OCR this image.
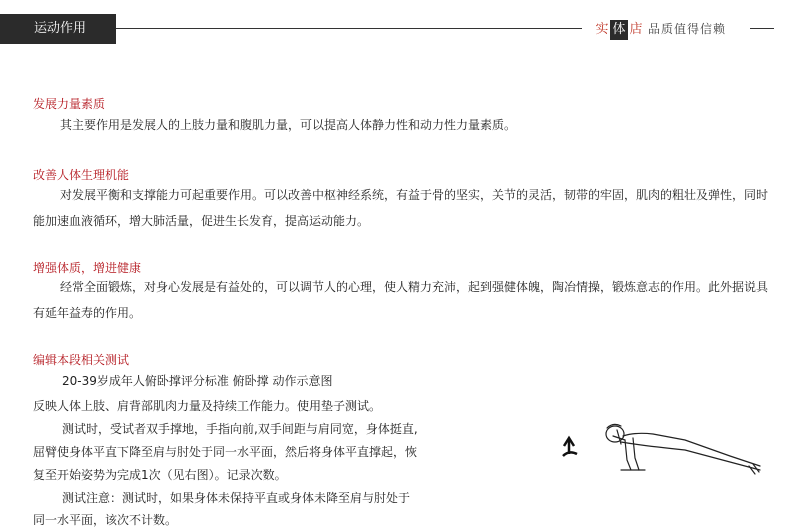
运动作用	实 体 店 品质值得信赖
发展力量素质
其主要作用是发展人的上肢力量和腹肌力量，可以提高人体静力性和动力性力量素质。
改善人体生理机能
对发展平衡和支撑能力可起重要作用。可以改善中枢神经系统，有益于骨的坚实，关节的灵活，韧带的牢固，肌肉的粗壮及弹性，同时能加速血液循环，增大肺活量，促进生长发育，提高运动能力。
增强体质，增进健康
经常全面锻炼，对身心发展是有益处的，可以调节人的心理，使人精力充沛，起到强健体魄，陶冶情操，锻炼意志的作用。此外据说具有延年益寿的作用。
编辑本段相关测试
20-39岁成年人俯卧撑评分标准 俯卧撑 动作示意图
反映人体上肢、肩背部肌肉力量及持续工作能力。使用垫子测试。
测试时，受试者双手撑地，手指向前,双手间距与肩同宽，身体挺直,
屈臂使身体平直下降至肩与肘处于同一水平面，然后将身体平直撑起，恢
复至开始姿势为完成1次（见右图）。记录次数。
测试注意：测试时，如果身体未保持平直或身体未降至肩与肘处于
同一水平面，该次不计数。
